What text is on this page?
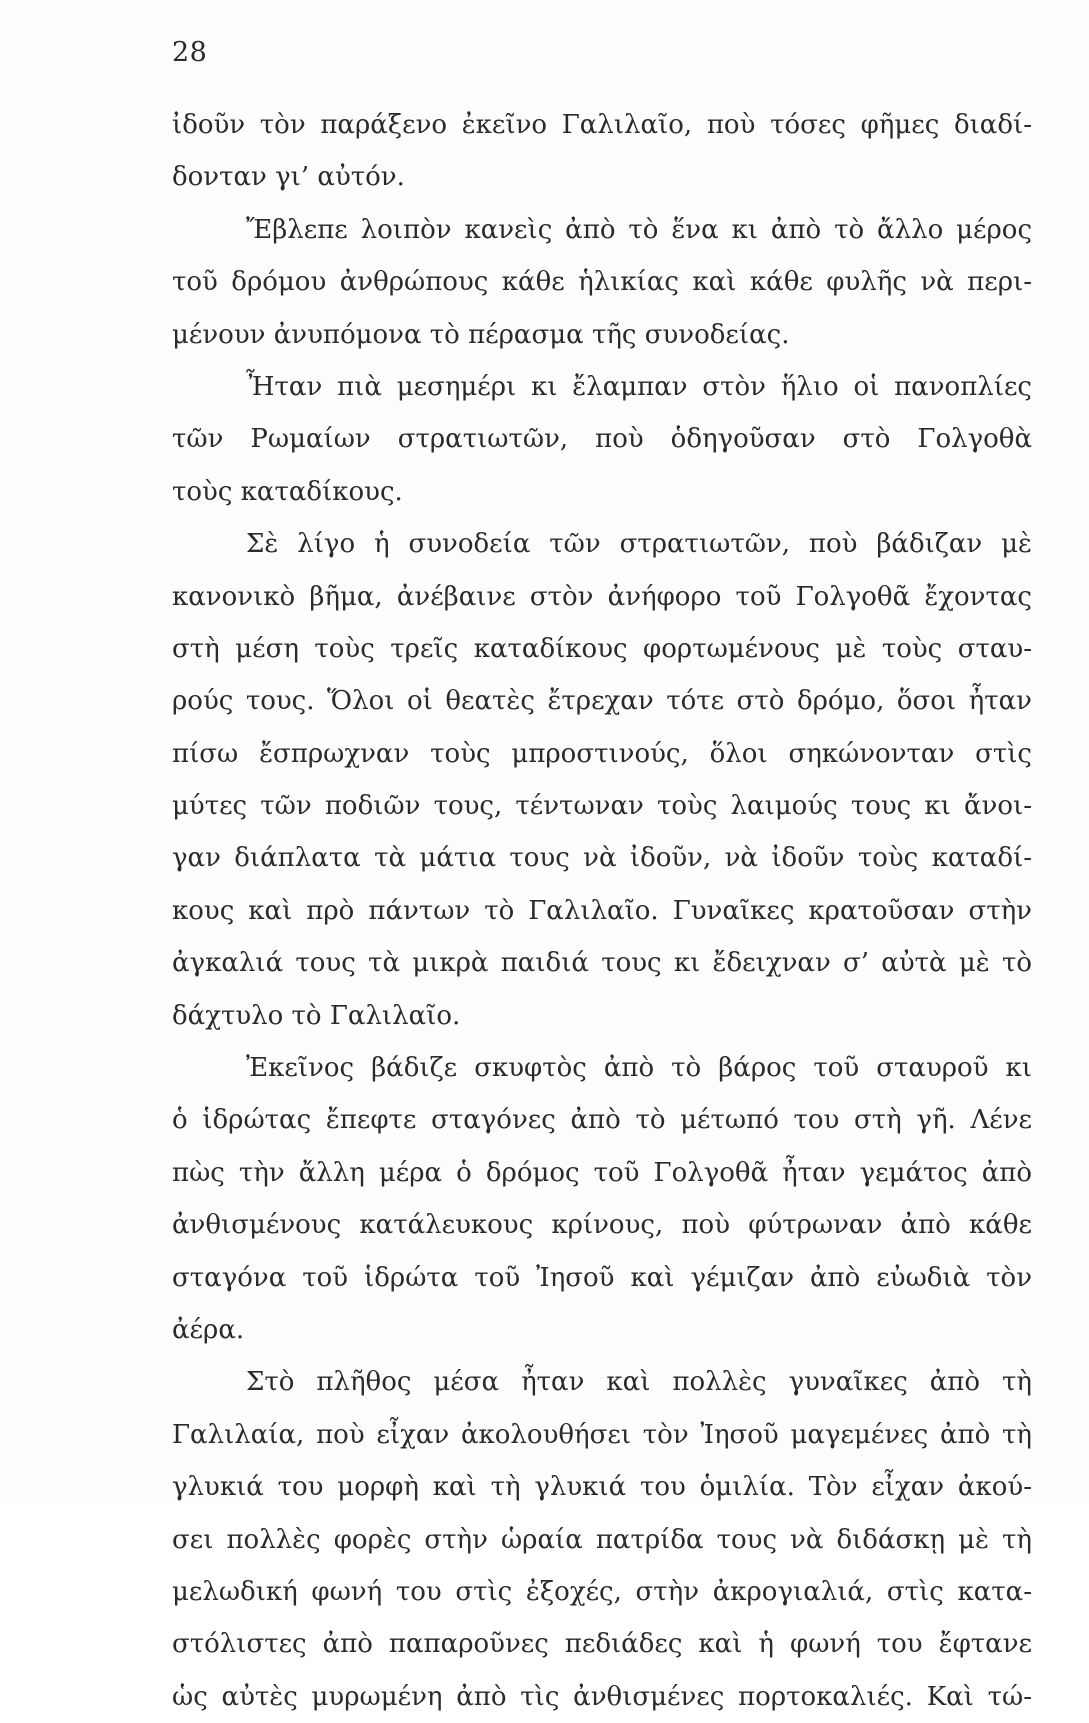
28
ἰδοῦν τὸν παράξενο ἐκεῖνο Γαλιλαῖο, ποὺ τόσες φῆμες διαδί-
δονταν γι’ αὐτόν.
Ἔβλεπε λοιπὸν κανεὶς ἀπὸ τὸ ἕνα κι ἀπὸ τὸ ἄλλο μέρος
τοῦ δρόμου ἀνθρώπους κάθε ἡλικίας καὶ κάθε φυλῆς νὰ περι-
μένουν ἀνυπόμονα τὸ πέρασμα τῆς συνοδείας.
Ἦταν πιὰ μεσημέρι κι ἔλαμπαν στὸν ἥλιο οἱ πανοπλίες
τῶν Ρωμαίων στρατιωτῶν, ποὺ ὁδηγοῦσαν στὸ Γολγοθὰ
τοὺς καταδίκους.
Σὲ λίγο ἡ συνοδεία τῶν στρατιωτῶν, ποὺ βάδιζαν μὲ
κανονικὸ βῆμα, ἀνέβαινε στὸν ἀνήφορο τοῦ Γολγοθᾶ ἔχοντας
στὴ μέση τοὺς τρεῖς καταδίκους φορτωμένους μὲ τοὺς σταυ-
ρούς τους. Ὅλοι οἱ θεατὲς ἔτρεχαν τότε στὸ δρόμο, ὅσοι ἦταν
πίσω ἔσπρωχναν τοὺς μπροστινούς, ὅλοι σηκώνονταν στὶς
μύτες τῶν ποδιῶν τους, τέντωναν τοὺς λαιμούς τους κι ἄνοι-
γαν διάπλατα τὰ μάτια τους νὰ ἰδοῦν, νὰ ἰδοῦν τοὺς καταδί-
κους καὶ πρὸ πάντων τὸ Γαλιλαῖο. Γυναῖκες κρατοῦσαν στὴν
ἀγκαλιά τους τὰ μικρὰ παιδιά τους κι ἔδειχναν σ’ αὐτὰ μὲ τὸ
δάχτυλο τὸ Γαλιλαῖο.
Ἐκεῖνος βάδιζε σκυφτὸς ἀπὸ τὸ βάρος τοῦ σταυροῦ κι
ὁ ἱδρώτας ἔπεφτε σταγόνες ἀπὸ τὸ μέτωπό του στὴ γῆ. Λένε
πὼς τὴν ἄλλη μέρα ὁ δρόμος τοῦ Γολγοθᾶ ἦταν γεμάτος ἀπὸ
ἀνθισμένους κατάλευκους κρίνους, ποὺ φύτρωναν ἀπὸ κάθε
σταγόνα τοῦ ἱδρώτα τοῦ Ἰησοῦ καὶ γέμιζαν ἀπὸ εὐωδιὰ τὸν
ἀέρα.
Στὸ πλῆθος μέσα ἦταν καὶ πολλὲς γυναῖκες ἀπὸ τὴ
Γαλιλαία, ποὺ εἶχαν ἀκολουθήσει τὸν Ἰησοῦ μαγεμένες ἀπὸ τὴ
γλυκιά του μορφὴ καὶ τὴ γλυκιά του ὁμιλία. Τὸν εἶχαν ἀκού-
σει πολλὲς φορὲς στὴν ὡραία πατρίδα τους νὰ διδάσκῃ μὲ τὴ
μελωδική φωνή του στὶς ἐξοχές, στὴν ἀκρογιαλιά, στὶς κατα-
στόλιστες ἀπὸ παπαροῦνες πεδιάδες καὶ ἡ φωνή του ἔφτανε
ὡς αὐτὲς μυρωμένη ἀπὸ τὶς ἀνθισμένες πορτοκαλιές. Καὶ τώ-
